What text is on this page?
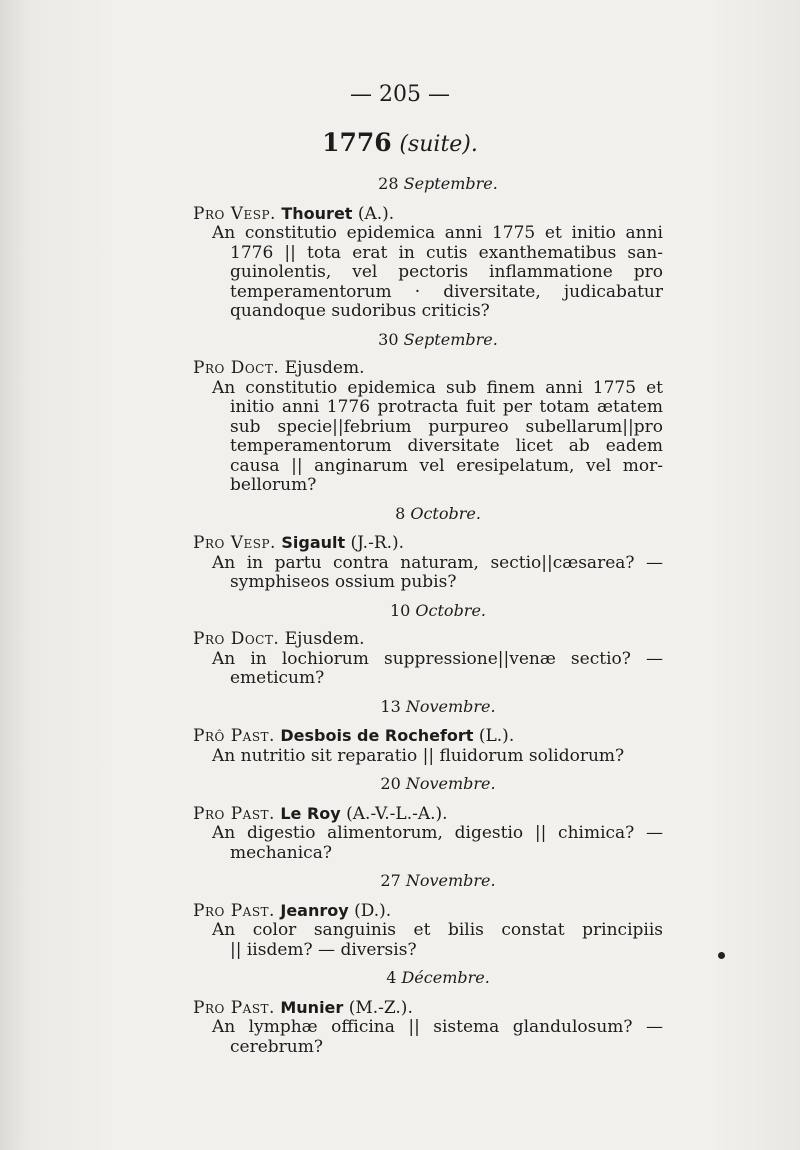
— 205 —
1776 (suite).
28 Septembre.
Pro Vesp. Thouret (A.).
An constitutio epidemica anni 1775 et initio anni
1776 || tota erat in cutis exanthematibus san-
guinolentis, vel pectoris inflammatione pro
temperamentorum · diversitate, judicabatur
quandoque sudoribus criticis?
30 Septembre.
Pro Doct. Ejusdem.
An constitutio epidemica sub finem anni 1775 et
initio anni 1776 protracta fuit per totam ætatem
sub specie||febrium purpureo subellarum||pro
temperamentorum diversitate licet ab eadem
causa || anginarum vel eresipelatum, vel mor-
bellorum?
8 Octobre.
Pro Vesp. Sigault (J.-R.).
An in partu contra naturam, sectio||cæsarea? —
symphiseos ossium pubis?
10 Octobre.
Pro Doct. Ejusdem.
An in lochiorum suppressione||venæ sectio? —
emeticum?
13 Novembre.
Prô Past. Desbois de Rochefort (L.).
An nutritio sit reparatio || fluidorum solidorum?
20 Novembre.
Pro Past. Le Roy (A.-V.-L.-A.).
An digestio alimentorum, digestio || chimica? —
mechanica?
27 Novembre.
Pro Past. Jeanroy (D.).
An color sanguinis et bilis constat principiis
|| iisdem? — diversis?
4 Décembre.
Pro Past. Munier (M.-Z.).
An lymphæ officina || sistema glandulosum? —
cerebrum?
